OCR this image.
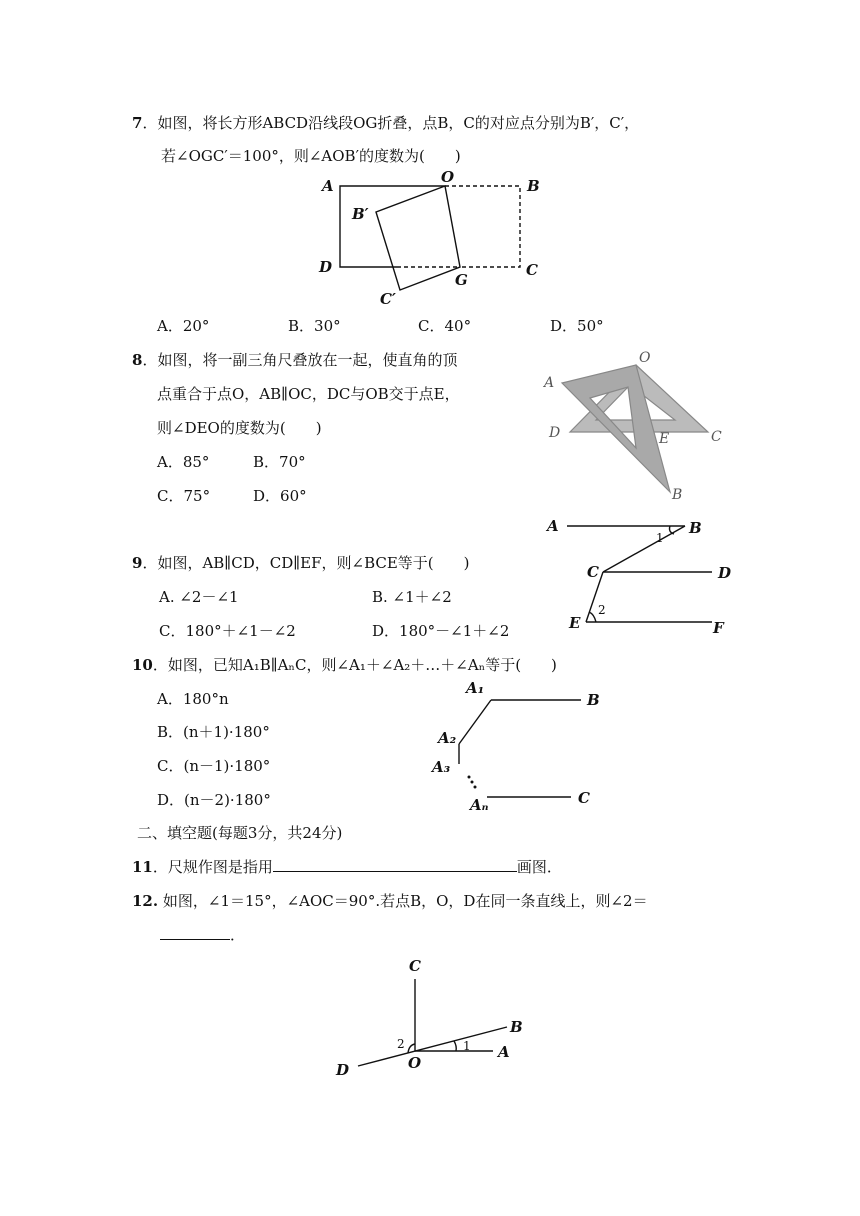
7．如图，将长方形ABCD沿线段OG折叠，点B，C的对应点分别为B′，C′，
若∠OGC′＝100°，则∠AOB′的度数为(　　)
A	O	B
B′
D	C
C′
G
A．20°	B．30°	C．40°	D．50°
8．如图，将一副三角尺叠放在一起，使直角的顶
点重合于点O，AB∥OC，DC与OB交于点E，
则∠DEO的度数为(　　)
A．85°	B．70°
C．75°	D．60°
O
A
D	E	C
B
9．如图，AB∥CD，CD∥EF，则∠BCE等于(　　)
A. ∠2－∠1	B. ∠1＋∠2
C．180°＋∠1－∠2	D．180°－∠1＋∠2
A	B
1
C	D
2
E	F
10．如图，已知A₁B∥AₙC，则∠A₁＋∠A₂＋…＋∠Aₙ等于(　　)
A．180°n
B．(n＋1)·180°
C．(n－1)·180°
D．(n－2)·180°
A₁
B
A₂
A₃
Aₙ	C
二、填空题(每题3分，共24分)
11．尺规作图是指用	画图．
12. 如图，∠1＝15°，∠AOC＝90°.若点B，O，D在同一条直线上，则∠2＝
．
C
B
2	1 A
D	O
